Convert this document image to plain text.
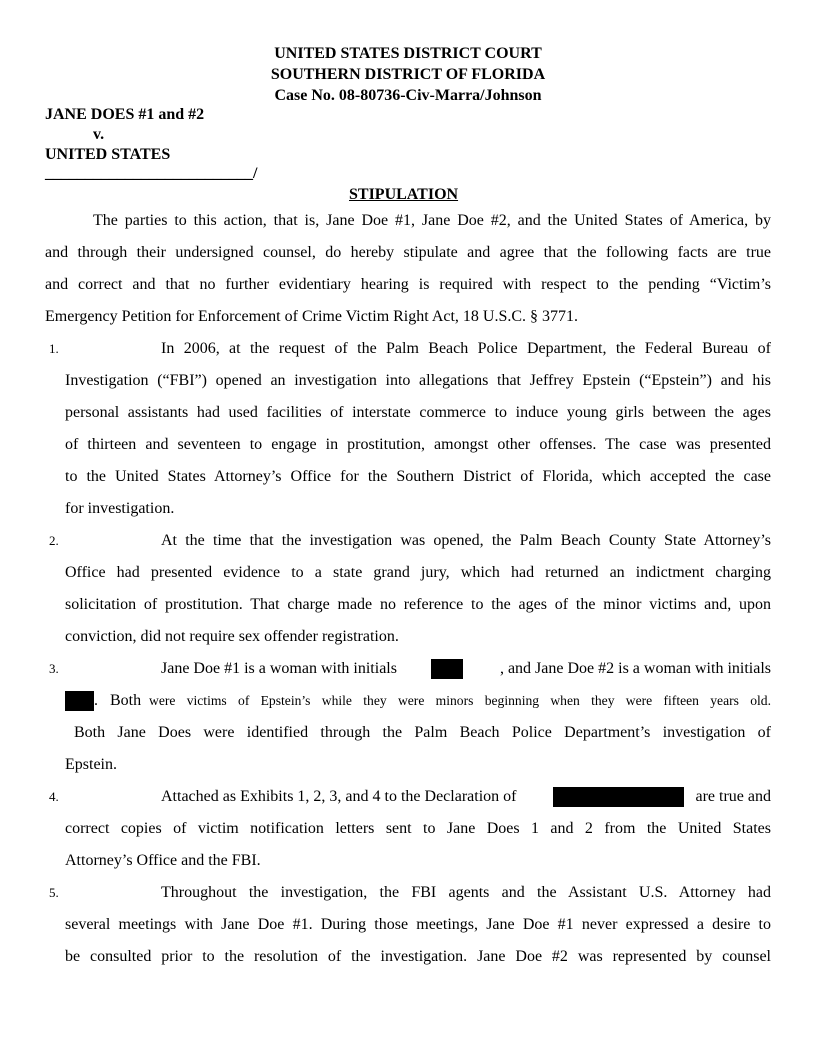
UNITED STATES DISTRICT COURT
SOUTHERN DISTRICT OF FLORIDA
Case No. 08-80736-Civ-Marra/Johnson
JANE DOES #1 and #2
v.
UNITED STATES
__________________________/
STIPULATION
The parties to this action, that is, Jane Doe #1, Jane Doe #2, and the United States of America, by
and through their undersigned counsel, do hereby stipulate and agree that the following facts are true
and correct and that no further evidentiary hearing is required with respect to the pending “Victim’s
Emergency Petition for Enforcement of Crime Victim Right Act, 18 U.S.C. § 3771.
1.	In 2006, at the request of the Palm Beach Police Department, the Federal Bureau of
Investigation (“FBI”) opened an investigation into allegations that Jeffrey Epstein (“Epstein”) and his
personal assistants had used facilities of interstate commerce to induce young girls between the ages
of thirteen and seventeen to engage in prostitution, amongst other offenses. The case was presented
to the United States Attorney’s Office for the Southern District of Florida, which accepted the case
for investigation.
2.	At the time that the investigation was opened, the Palm Beach County State Attorney’s
Office had presented evidence to a state grand jury, which had returned an indictment charging
solicitation of prostitution. That charge made no reference to the ages of the minor victims and, upon
conviction, did not require sex offender registration.
3.	Jane Doe #1 is a woman with initials	, and Jane Doe #2 is a woman with initials
. Both were victims of Epstein’s while they were minors beginning when they were fifteen years old.
Both Jane Does were identified through the Palm Beach Police Department’s investigation of
Epstein.
4.	Attached as Exhibits 1, 2, 3, and 4 to the Declaration of	are true and
correct copies of victim notification letters sent to Jane Does 1 and 2 from the United States
Attorney’s Office and the FBI.
5.	Throughout the investigation, the FBI agents and the Assistant U.S. Attorney had
several meetings with Jane Doe #1. During those meetings, Jane Doe #1 never expressed a desire to
be consulted prior to the resolution of the investigation. Jane Doe #2 was represented by counsel
